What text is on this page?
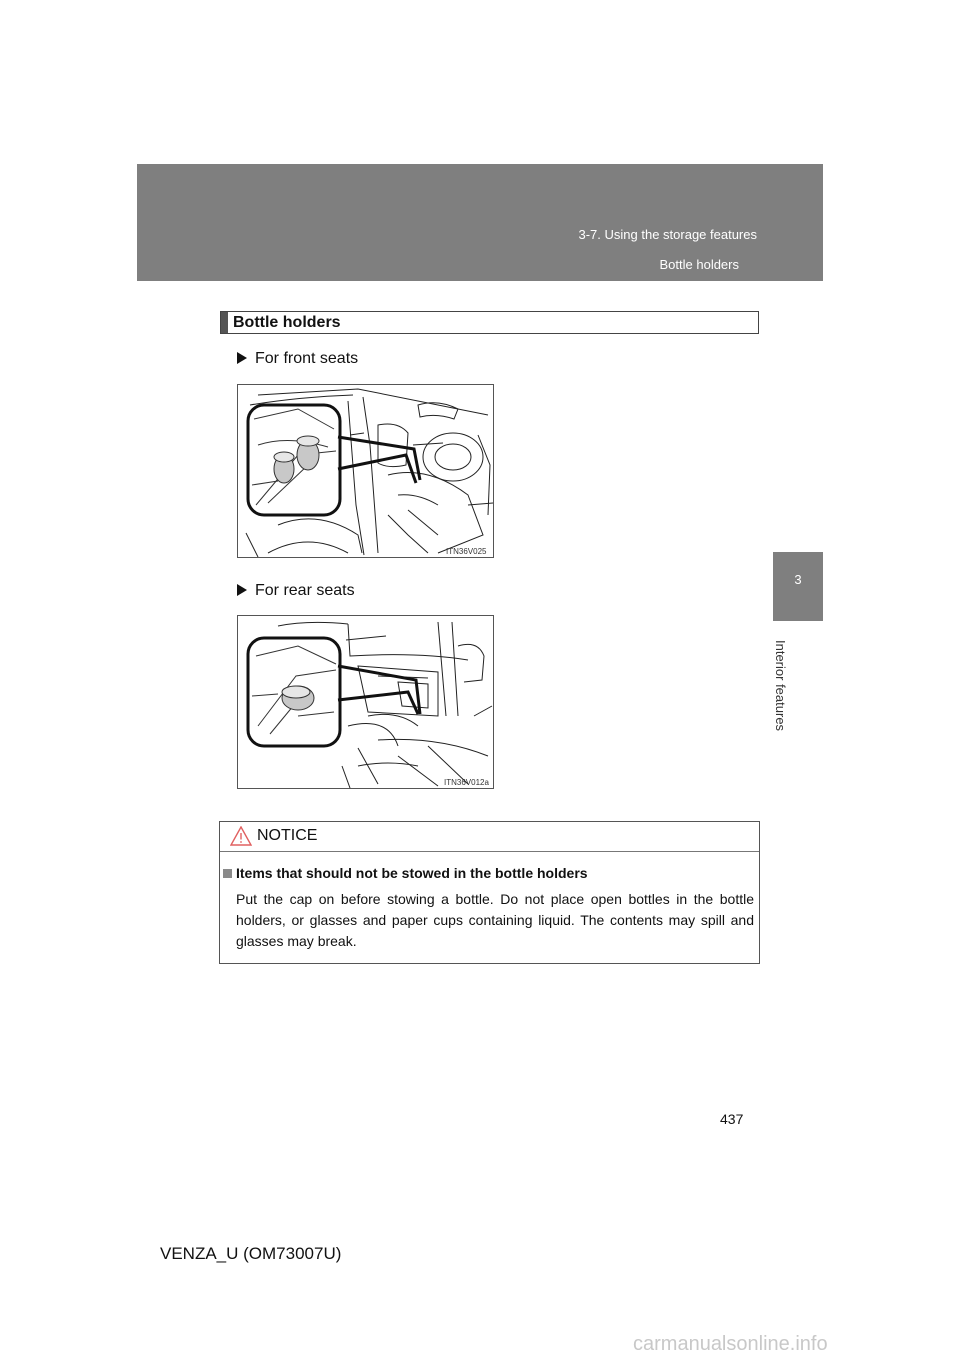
3-7. Using the storage features
Bottle holders
3
Interior features
Bottle holders
For front seats
ITN36V025
For rear seats
ITN36V012a
NOTICE
Items that should not be stowed in the bottle holders
Put the cap on before stowing a bottle. Do not place open bottles in the bottle holders, or glasses and paper cups containing liquid. The contents may spill and glasses may break.
437
VENZA_U (OM73007U)
carmanualsonline.info
